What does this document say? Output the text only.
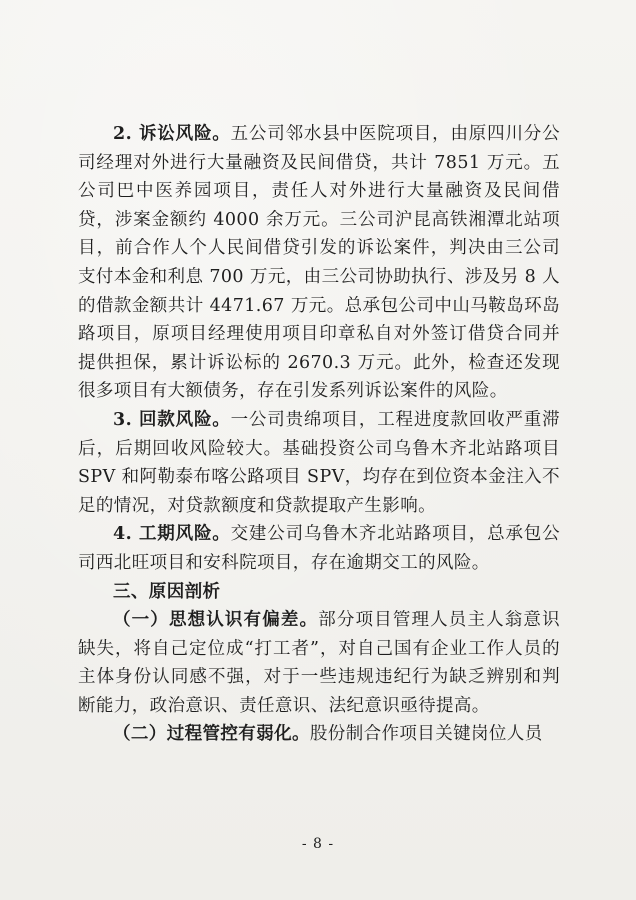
2. 诉讼风险。五公司邻水县中医院项目，由原四川分公司经理对外进行大量融资及民间借贷，共计 7851 万元。五公司巴中医养园项目，责任人对外进行大量融资及民间借贷，涉案金额约 4000 余万元。三公司沪昆高铁湘潭北站项目，前合作人个人民间借贷引发的诉讼案件，判决由三公司支付本金和利息 700 万元，由三公司协助执行、涉及另 8 人的借款金额共计 4471.67 万元。总承包公司中山马鞍岛环岛路项目，原项目经理使用项目印章私自对外签订借贷合同并提供担保，累计诉讼标的 2670.3 万元。此外，检查还发现很多项目有大额债务，存在引发系列诉讼案件的风险。

3. 回款风险。一公司贵绵项目，工程进度款回收严重滞后，后期回收风险较大。基础投资公司乌鲁木齐北站路项目 SPV 和阿勒泰布喀公路项目 SPV，均存在到位资本金注入不足的情况，对贷款额度和贷款提取产生影响。

4. 工期风险。交建公司乌鲁木齐北站路项目，总承包公司西北旺项目和安科院项目，存在逾期交工的风险。

三、原因剖析

（一）思想认识有偏差。部分项目管理人员主人翁意识缺失，将自己定位成“打工者”，对自己国有企业工作人员的主体身份认同感不强，对于一些违规违纪行为缺乏辨别和判断能力，政治意识、责任意识、法纪意识亟待提高。

（二）过程管控有弱化。股份制合作项目关键岗位人员

- 8 -
